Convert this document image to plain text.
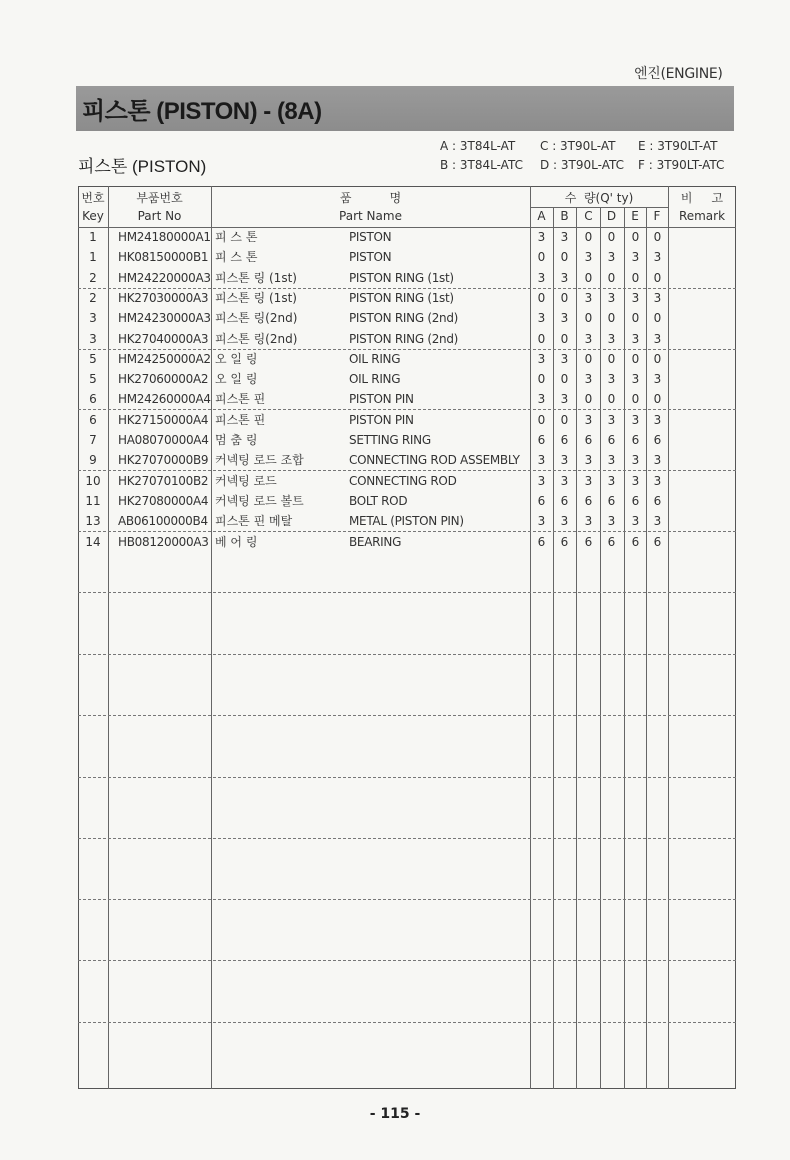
엔진(ENGINE)
피스톤 (PISTON) - (8A)
피스톤 (PISTON)
A : 3T84L-AT C : 3T90L-AT E : 3T90LT-AT
B : 3T84L-ATC D : 3T90L-ATC F : 3T90LT-ATC
번호
Key
부품번호
Part No
품          명
Part Name
수  량(Q' ty)
A	B	C	D	E	F
비     고
Remark
1	HM24180000A1 피 스 톤	PISTON	3	3	0	0	0	0
1	HK08150000B1 피 스 톤	PISTON	0	0	3	3	3	3
2	HM24220000A3 피스톤 링 (1st)	PISTON RING (1st)	3	3	0	0	0	0
2	HK27030000A3 피스톤 링 (1st)	PISTON RING (1st)	0	0	3	3	3	3
3	HM24230000A3 피스톤 링(2nd)	PISTON RING (2nd)	3	3	0	0	0	0
3	HK27040000A3 피스톤 링(2nd)	PISTON RING (2nd)	0	0	3	3	3	3
5	HM24250000A2 오 일 링	OIL RING	3	3	0	0	0	0
5	HK27060000A2 오 일 링	OIL RING	0	0	3	3	3	3
6	HM24260000A4 피스톤 핀	PISTON PIN	3	3	0	0	0	0
6	HK27150000A4 피스톤 핀	PISTON PIN	0	0	3	3	3	3
7	HA08070000A4 멈 춤 링	SETTING RING	6	6	6	6	6	6
9	HK27070000B9 커넥팅 로드 조합	CONNECTING ROD ASSEMBLY	3	3	3	3	3	3
10	HK27070100B2 커넥팅 로드	CONNECTING ROD	3	3	3	3	3	3
11	HK27080000A4 커넥팅 로드 볼트	BOLT ROD	6	6	6	6	6	6
13	AB06100000B4 피스톤 핀 메탈	METAL (PISTON PIN)	3	3	3	3	3	3
14	HB08120000A3 베 어 링	BEARING	6	6	6	6	6	6
- 115 -
